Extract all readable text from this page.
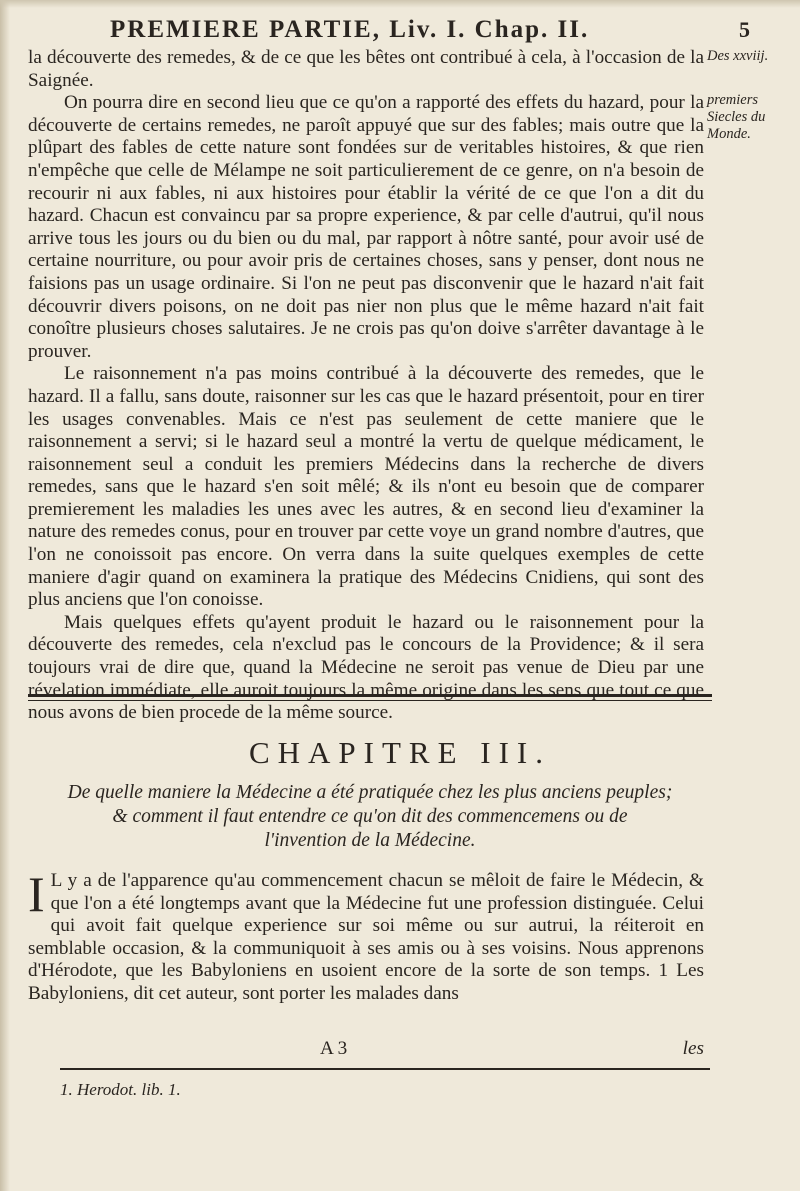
PREMIERE PARTIE, Liv. I. Chap. II.	5
Des xxviij.
premiers Siecles du Monde.

la découverte des remedes, & de ce que les bêtes ont contribué à cela, à l'occasion de la Saignée.

On pourra dire en second lieu que ce qu'on a rapporté des effets du hazard, pour la découverte de certains remedes, ne paroît appuyé que sur des fables; mais outre que la plûpart des fables de cette nature sont fondées sur de veritables histoires, & que rien n'empêche que celle de Mélampe ne soit particulierement de ce genre, on n'a besoin de recourir ni aux fables, ni aux histoires pour établir la vérité de ce que l'on a dit du hazard. Chacun est convaincu par sa propre experience, & par celle d'autrui, qu'il nous arrive tous les jours ou du bien ou du mal, par rapport à nôtre santé, pour avoir usé de certaine nourriture, ou pour avoir pris de certaines choses, sans y penser, dont nous ne faisions pas un usage ordinaire. Si l'on ne peut pas disconvenir que le hazard n'ait fait découvrir divers poisons, on ne doit pas nier non plus que le même hazard n'ait fait conoître plusieurs choses salutaires. Je ne crois pas qu'on doive s'arrêter davantage à le prouver.

Le raisonnement n'a pas moins contribué à la découverte des remedes, que le hazard. Il a fallu, sans doute, raisonner sur les cas que le hazard présentoit, pour en tirer les usages convenables. Mais ce n'est pas seulement de cette maniere que le raisonnement a servi; si le hazard seul a montré la vertu de quelque médicament, le raisonnement seul a conduit les premiers Médecins dans la recherche de divers remedes, sans que le hazard s'en soit mêlé; & ils n'ont eu besoin que de comparer premierement les maladies les unes avec les autres, & en second lieu d'examiner la nature des remedes conus, pour en trouver par cette voye un grand nombre d'autres, que l'on ne conoissoit pas encore. On verra dans la suite quelques exemples de cette maniere d'agir quand on examinera la pratique des Médecins Cnidiens, qui sont des plus anciens que l'on conoisse.

Mais quelques effets qu'ayent produit le hazard ou le raisonnement pour la découverte des remedes, cela n'exclud pas le concours de la Providence; & il sera toujours vrai de dire que, quand la Médecine ne seroit pas venue de Dieu par une révelation immédiate, elle auroit toujours la même origine dans les sens que tout ce que nous avons de bien procede de la même source.

CHAPITRE III.
De quelle maniere la Médecine a été pratiquée chez les plus anciens peuples;
& comment il faut entendre ce qu'on dit des commencemens ou de
l'invention de la Médecine.
I L y a de l'apparence qu'au commencement chacun se mêloit de faire le Médecin, & que l'on a été longtemps avant que la Médecine fut une profession distinguée. Celui qui avoit fait quelque experience sur soi même ou sur autrui, la réiteroit en semblable occasion, & la communiquoit à ses amis ou à ses voisins. Nous apprenons d'Hérodote, que les Babyloniens en usoient encore de la sorte de son temps. 1 Les Babyloniens, dit cet auteur, sont porter les malades dans

A 3	les
1. Herodot. lib. 1.
